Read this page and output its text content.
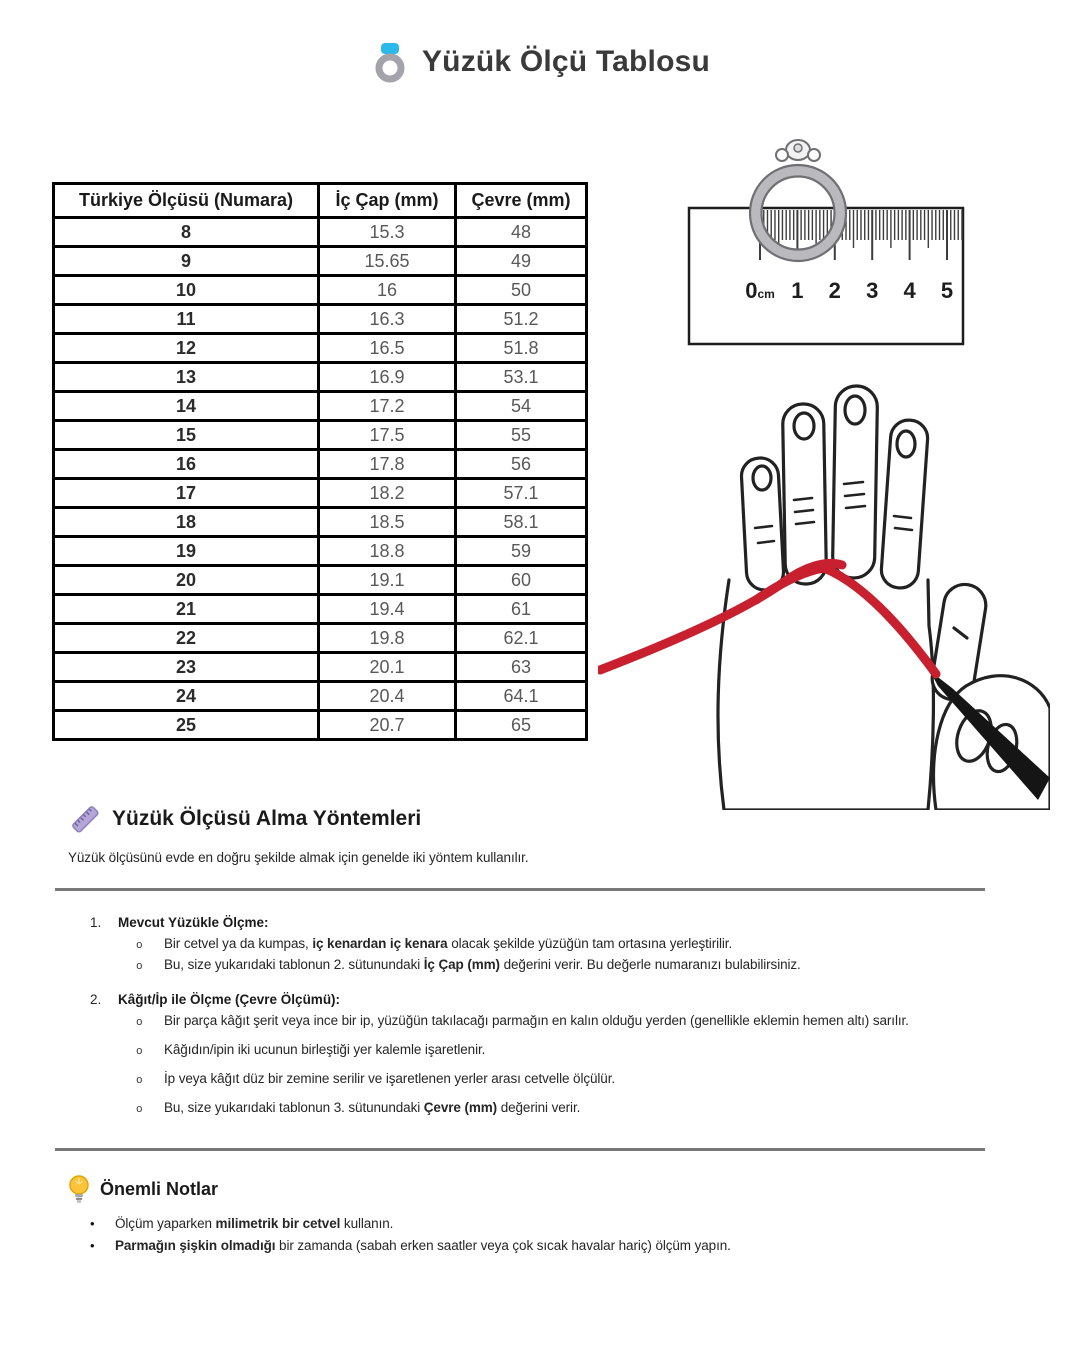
Yüzük Ölçü Tablosu
Türkiye Ölçüsü (Numara)	İç Çap (mm)	Çevre (mm)
8	15.3	48
9	15.65	49
10	16	50
11	16.3	51.2
12	16.5	51.8
13	16.9	53.1
14	17.2	54
15	17.5	55
16	17.8	56
17	18.2	57.1
18	18.5	58.1
19	18.8	59
20	19.1	60
21	19.4	61
22	19.8	62.1
23	20.1	63
24	20.4	64.1
25	20.7	65
0cm 1 2 3 4 5
Yüzük Ölçüsü Alma Yöntemleri
Yüzük ölçüsünü evde en doğru şekilde almak için genelde iki yöntem kullanılır.
1. Mevcut Yüzükle Ölçme:
o	Bir cetvel ya da kumpas, iç kenardan iç kenara olacak şekilde yüzüğün tam ortasına yerleştirilir.
o	Bu, size yukarıdaki tablonun 2. sütunundaki İç Çap (mm) değerini verir. Bu değerle numaranızı bulabilirsiniz.
2. Kâğıt/İp ile Ölçme (Çevre Ölçümü):
o	Bir parça kâğıt şerit veya ince bir ip, yüzüğün takılacağı parmağın en kalın olduğu yerden (genellikle eklemin hemen altı) sarılır.
o	Kâğıdın/ipin iki ucunun birleştiği yer kalemle işaretlenir.
o	İp veya kâğıt düz bir zemine serilir ve işaretlenen yerler arası cetvelle ölçülür.
o	Bu, size yukarıdaki tablonun 3. sütunundaki Çevre (mm) değerini verir.
Önemli Notlar
•	Ölçüm yaparken milimetrik bir cetvel kullanın.
•	Parmağın şişkin olmadığı bir zamanda (sabah erken saatler veya çok sıcak havalar hariç) ölçüm yapın.
